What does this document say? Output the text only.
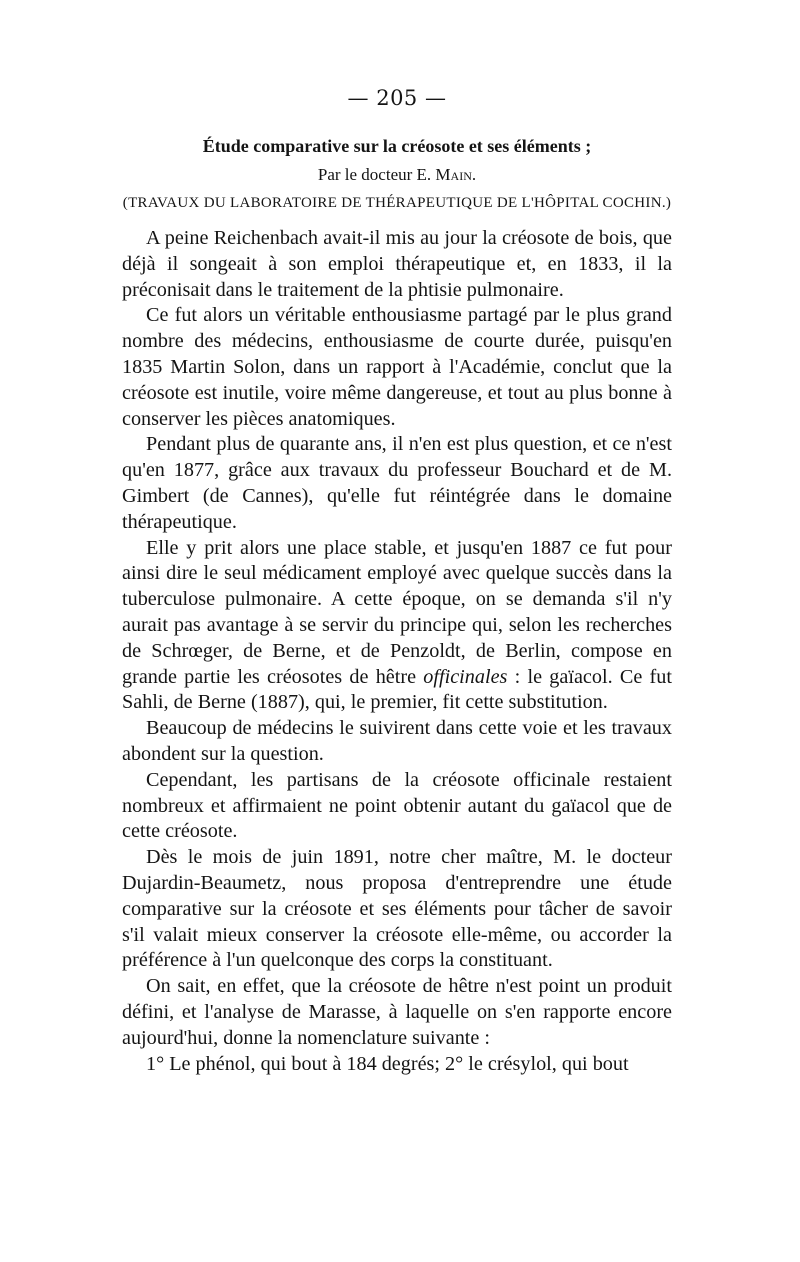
— 205 —
Étude comparative sur la créosote et ses éléments ;
Par le docteur E. Main.
(TRAVAUX DU LABORATOIRE DE THÉRAPEUTIQUE DE L'HÔPITAL COCHIN.)

A peine Reichenbach avait-il mis au jour la créosote de bois, que déjà il songeait à son emploi thérapeutique et, en 1833, il la préconisait dans le traitement de la phtisie pulmonaire.

Ce fut alors un véritable enthousiasme partagé par le plus grand nombre des médecins, enthousiasme de courte durée, puisqu'en 1835 Martin Solon, dans un rapport à l'Académie, conclut que la créosote est inutile, voire même dangereuse, et tout au plus bonne à conserver les pièces anatomiques.

Pendant plus de quarante ans, il n'en est plus question, et ce n'est qu'en 1877, grâce aux travaux du professeur Bouchard et de M. Gimbert (de Cannes), qu'elle fut réintégrée dans le domaine thérapeutique.

Elle y prit alors une place stable, et jusqu'en 1887 ce fut pour ainsi dire le seul médicament employé avec quelque succès dans la tuberculose pulmonaire. A cette époque, on se demanda s'il n'y aurait pas avantage à se servir du principe qui, selon les recherches de Schrœger, de Berne, et de Penzoldt, de Berlin, compose en grande partie les créosotes de hêtre officinales : le gaïacol. Ce fut Sahli, de Berne (1887), qui, le premier, fit cette substitution.

Beaucoup de médecins le suivirent dans cette voie et les travaux abondent sur la question.

Cependant, les partisans de la créosote officinale restaient nombreux et affirmaient ne point obtenir autant du gaïacol que de cette créosote.

Dès le mois de juin 1891, notre cher maître, M. le docteur Dujardin-Beaumetz, nous proposa d'entreprendre une étude comparative sur la créosote et ses éléments pour tâcher de savoir s'il valait mieux conserver la créosote elle-même, ou accorder la préférence à l'un quelconque des corps la constituant.

On sait, en effet, que la créosote de hêtre n'est point un produit défini, et l'analyse de Marasse, à laquelle on s'en rapporte encore aujourd'hui, donne la nomenclature suivante :

1° Le phénol, qui bout à 184 degrés; 2° le crésylol, qui bout
